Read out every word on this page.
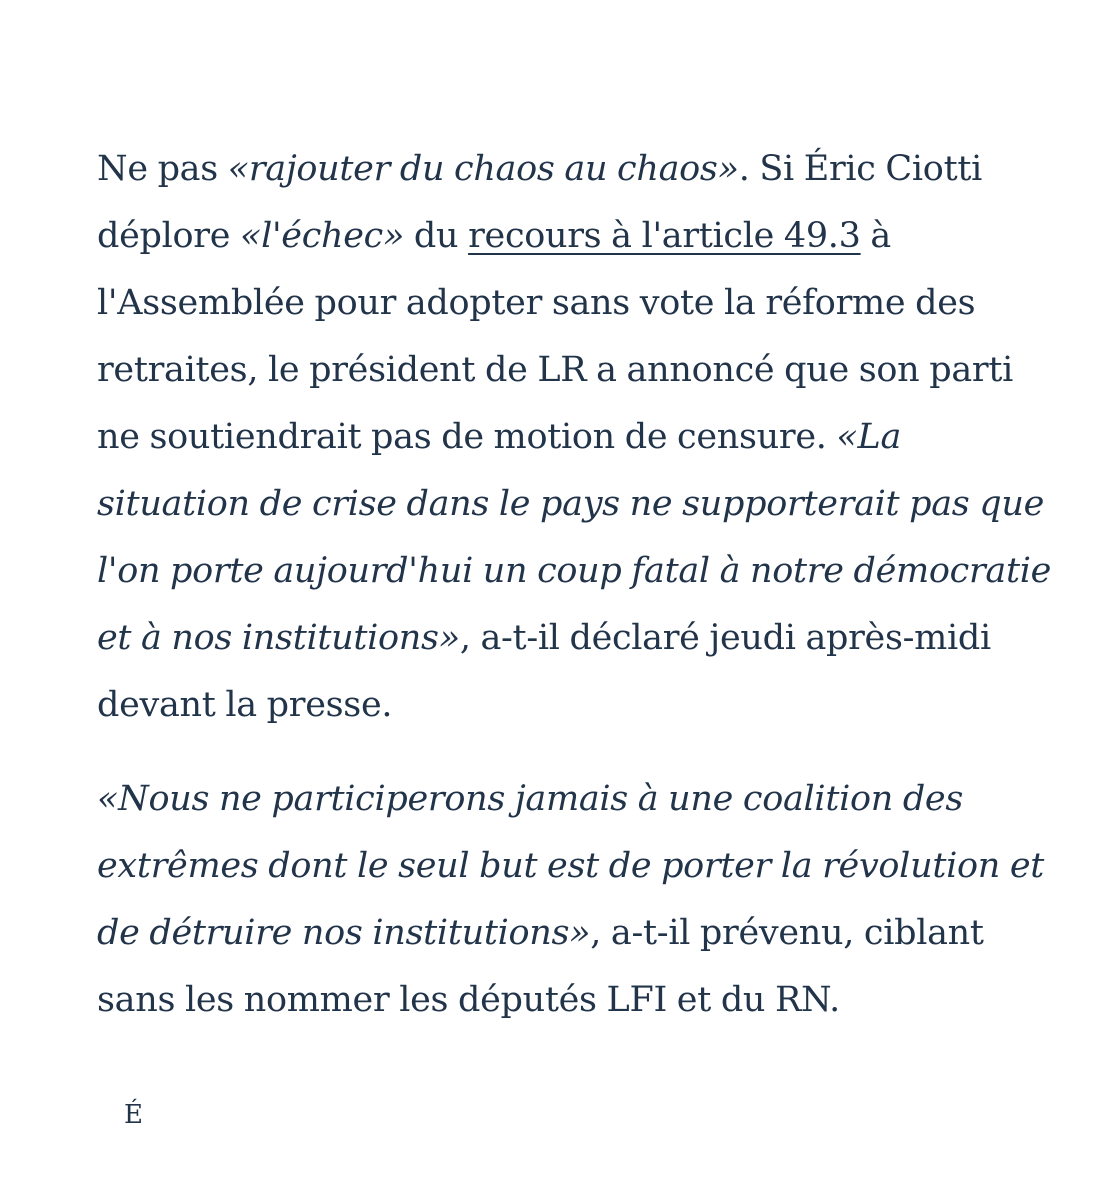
Ne pas «rajouter du chaos au chaos». Si Éric Ciotti déplore «l'échec» du recours à l'article 49.3 à l'Assemblée pour adopter sans vote la réforme des retraites, le président de LR a annoncé que son parti ne soutiendrait pas de motion de censure. «La situation de crise dans le pays ne supporterait pas que l'on porte aujourd'hui un coup fatal à notre démocratie et à nos institutions», a-t-il déclaré jeudi après-midi devant la presse.

«Nous ne participerons jamais à une coalition des extrêmes dont le seul but est de porter la révolution et de détruire nos institutions», a-t-il prévenu, ciblant sans les nommer les députés LFI et du RN.

É
